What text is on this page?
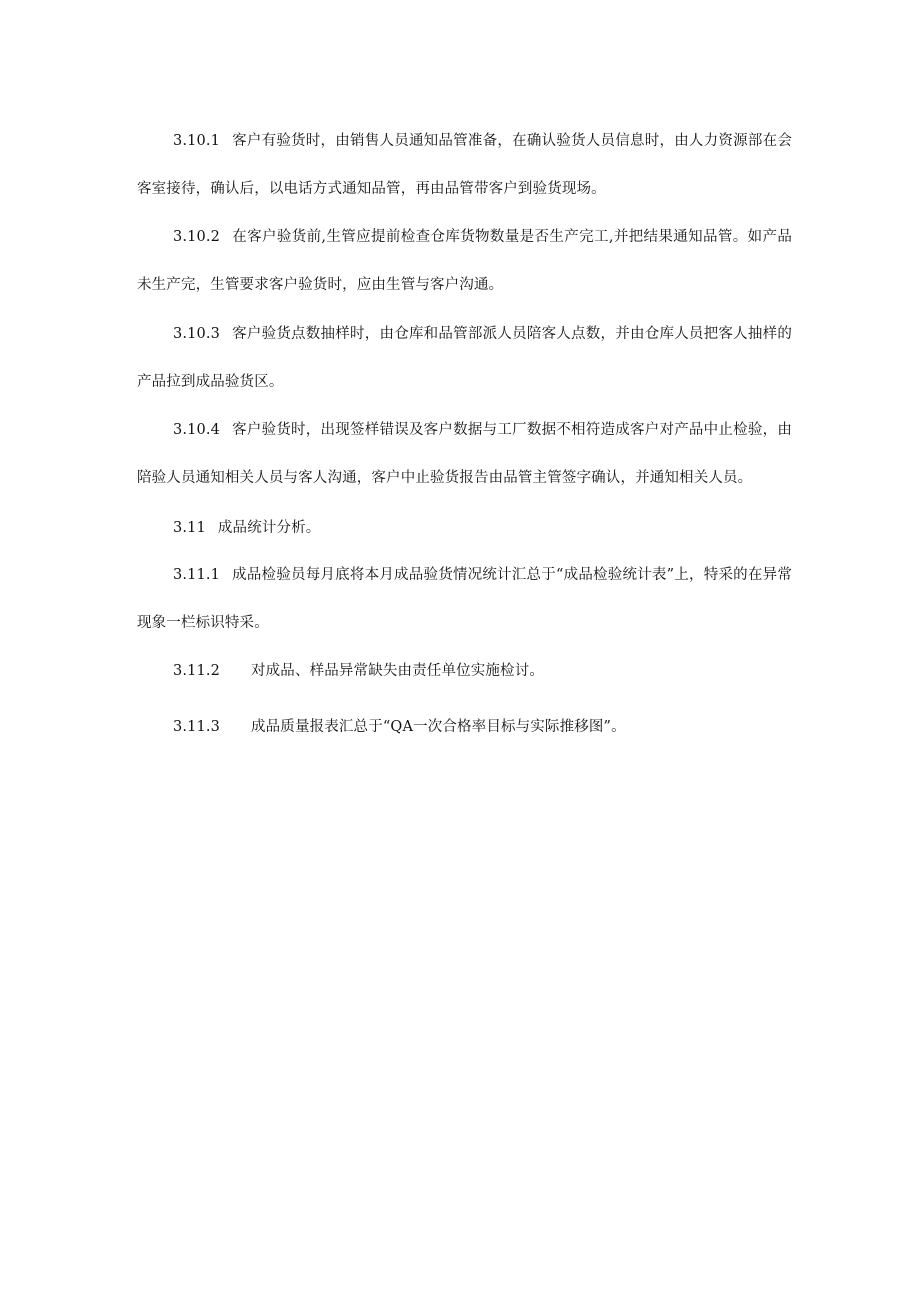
3.10.1 客户有验货时，由销售人员通知品管准备，在确认验货人员信息时，由人力资源部在会客室接待，确认后，以电话方式通知品管，再由品管带客户到验货现场。

3.10.2 在客户验货前,生管应提前检查仓库货物数量是否生产完工,并把结果通知品管。如产品未生产完，生管要求客户验货时，应由生管与客户沟通。

3.10.3 客户验货点数抽样时，由仓库和品管部派人员陪客人点数，并由仓库人员把客人抽样的产品拉到成品验货区。

3.10.4 客户验货时，出现签样错误及客户数据与工厂数据不相符造成客户对产品中止检验，由陪验人员通知相关人员与客人沟通，客户中止验货报告由品管主管签字确认，并通知相关人员。

3.11 成品统计分析。

3.11.1 成品检验员每月底将本月成品验货情况统计汇总于“成品检验统计表”上，特采的在异常现象一栏标识特采。

3.11.2 对成品、样品异常缺失由责任单位实施检讨。

3.11.3 成品质量报表汇总于“QA一次合格率目标与实际推移图”。
